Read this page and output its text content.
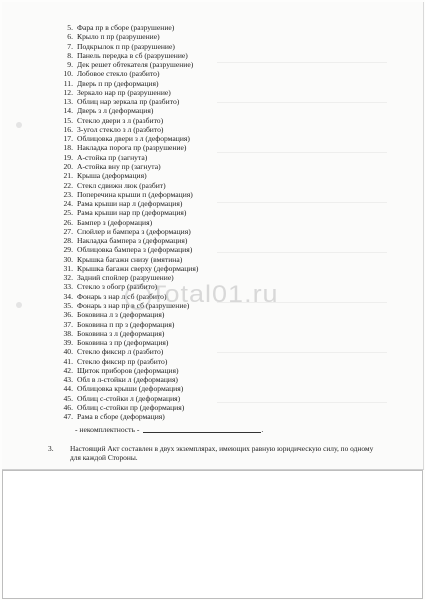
5. Фара пр в сборе (разрушение)
6. Крыло п пр (разрушение)
7. Подкрылок п пр (разрушение)
8. Панель передка в сб (разрушение)
9. Дек решет обтекателя (разрушение)
10. Лобовое стекло (разбито)
11. Дверь п пр (деформация)
12. Зеркало нар пр (разрушение)
13. Облиц нар зеркала пр (разбито)
14. Дверь з л (деформация)
15. Стекло двери з л (разбито)
16. 3-угол стекло з л (разбито)
17. Облицовка двери з л (деформация)
18. Накладка порога пр (разрушение)
19. А-стойка пр (загнута)
20. А-стойка вну пр (загнута)
21. Крыша (деформация)
22. Стекл сдвижн люк (разбит)
23. Поперечина крыши п (деформация)
24. Рама крыши нар л (деформация)
25. Рама крыши нар пр (деформация)
26. Бампер з (деформация)
27. Спойлер и бампера з (деформация)
28. Накладка бампера з (деформация)
29. Облицовка бампера з (деформация)
30. Крышка багажн снизу (вмятина)
31. Крышка багажн сверху (деформация)
32. Задний спойлер (разрушение)
33. Стекло з обогр (разбито)
34. Фонарь з нар л сб (разбито)
35. Фонарь з нар пр в сб (разрушение)
36. Боковина л з (деформация)
37. Боковина п пр з (деформация)
38. Боковина з л (деформация)
39. Боковина з пр (деформация)
40. Стекло фиксир л (разбито)
41. Стекло фиксир пр (разбито)
42. Щиток приборов (деформация)
43. Обл в л-стойки л (деформация)
44. Облицовка крыши (деформация)
45. Облиц с-стойки л (деформация)
46. Облиц с-стойки пр (деформация)
47. Рама в сборе (деформация)
Total01.ru
- некомплектность -	.
3. Настоящий Акт составлен в двух экземплярах, имеющих равную юридическую силу, по одному для каждой Стороны.
